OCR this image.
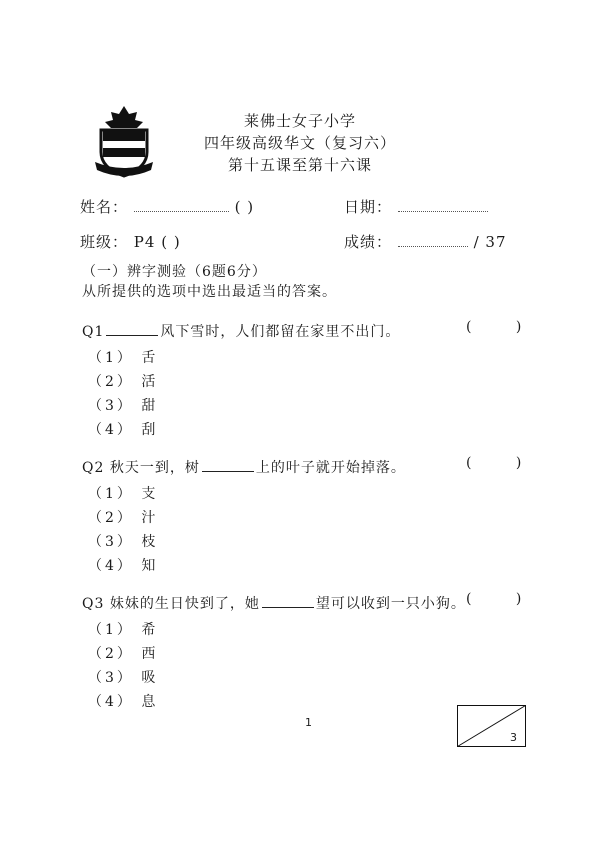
莱佛士女子小学
四年级高级华文（复习六）
第十五课至第十六课
姓名：	( )	日期：
班级： P4 ( )	成绩：	/ 37
（一）辨字测验（6题6分）
从所提供的选项中选出最适当的答案。
Q1	风下雪时，人们都留在家里不出门。	( )
（1） 舌
（2） 活
（3） 甜
（4） 刮
Q2 秋天一到，树	上的叶子就开始掉落。	( )
（1） 支
（2） 汁
（3） 枝
（4） 知
Q3 妹妹的生日快到了，她	望可以收到一只小狗。 ( )
（1） 希
（2） 西
（3） 吸
（4） 息
1
3
